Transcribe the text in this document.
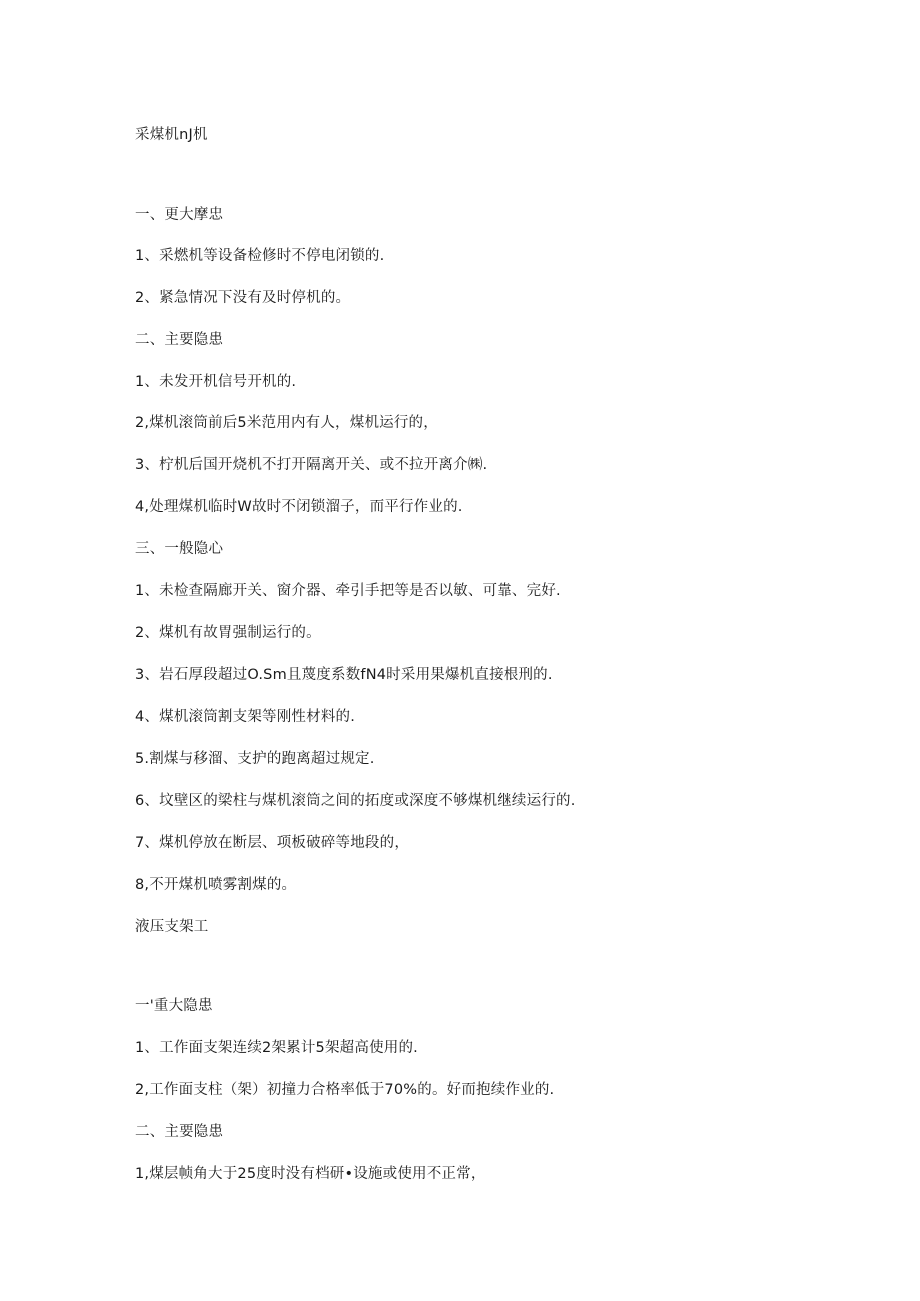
采煤机nJ机
一、更大摩忠
1、采燃机等设备检修时不停电闭锁的.
2、紧急情况下没有及时停机的。
二、主要隐患
1、未发开机信号开机的.
2,煤机滚筒前后5米范用内有人，煤机运行的，
3、柠机后国开烧机不打开隔离开关、或不拉开离介㈱.
4,处理煤机临时W故时不闭锁溜子，而平行作业的.
三、一般隐心
1、未检查隔廊开关、窗介器、牵引手把等是否以敏、可靠、完好.
2、煤机有故胃强制运行的。
3、岩石厚段超过O.Sm且蔑度系数fN4时采用果爆机直接根刑的.
4、煤机滚筒割支架等刚性材料的.
5.割煤与移溜、支护的跑离超过规定.
6、坟壁区的梁柱与煤机滚筒之间的拓度或深度不够煤机继续运行的.
7、煤机停放在断层、项板破碎等地段的，
8,不开煤机喷雾割煤的。
液压支架工
一'重大隐患
1、工作面支架连续2架累计5架超高使用的.
2,工作面支柱（架）初撞力合格率低于70%的。好而抱续作业的.
二、主要隐患
1,煤层帧角大于25度时没有档研•设施或使用不正常，
